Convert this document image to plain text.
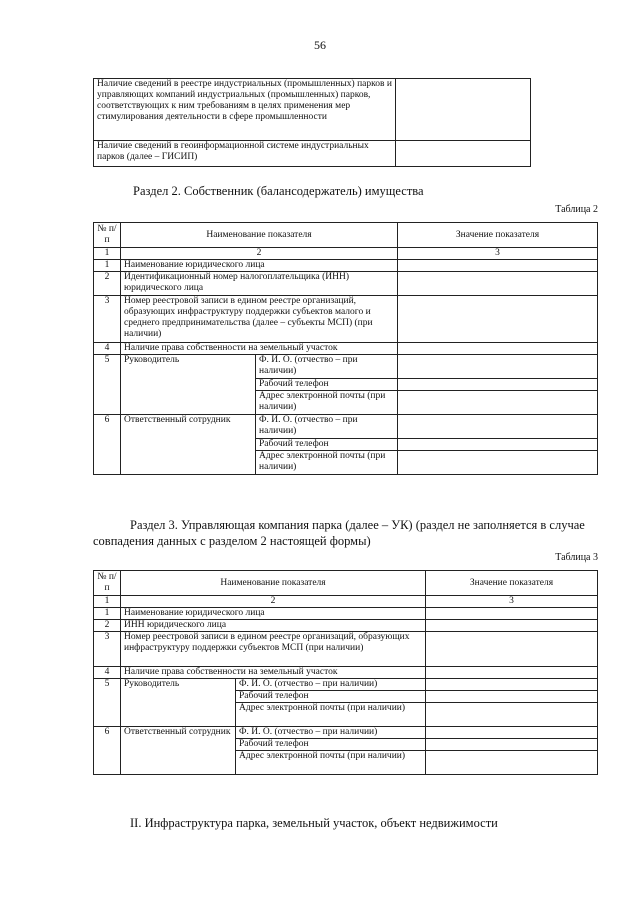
56
Наличие сведений в реестре индустриальных (промышленных) парков и управляющих компаний индустриальных (промышленных) парков, соответствующих к ним требованиям в целях применения мер стимулирования деятельности в сфере промышленности	
Наличие сведений в геоинформационной системе индустриальных парков (далее – ГИСИП)	
Раздел 2. Собственник (балансодержатель) имущества
Таблица 2
№ п/п	Наименование показателя		Значение показателя
1	2		3
1	Наименование юридического лица		
2	Идентификационный номер налогоплательщика (ИНН) юридического лица		
3	Номер реестровой записи в едином реестре организаций, образующих инфраструктуру поддержки субъектов малого и среднего предпринимательства (далее – субъекты МСП) (при наличии)		
4	Наличие права собственности на земельный участок		
5	Руководитель	Ф. И. О. (отчество – при наличии)	
		Рабочий телефон	
		Адрес электронной почты (при наличии)	
6	Ответственный сотрудник	Ф. И. О. (отчество – при наличии)	
		Рабочий телефон	
		Адрес электронной почты (при наличии)	
Раздел 3. Управляющая компания парка (далее – УК) (раздел не заполняется в случае совпадения данных с разделом 2 настоящей формы)
Таблица 3
№ п/п	Наименование показателя		Значение показателя
1	2		3
1	Наименование юридического лица		
2	ИНН юридического лица		
3	Номер реестровой записи в едином реестре организаций, образующих инфраструктуру поддержки субъектов МСП (при наличии)		
4	Наличие права собственности на земельный участок		
5	Руководитель	Ф. И. О. (отчество – при наличии)	
		Рабочий телефон	
		Адрес электронной почты (при наличии)	
6	Ответственный сотрудник	Ф. И. О. (отчество – при наличии)	
		Рабочий телефон	
		Адрес электронной почты (при наличии)	
II. Инфраструктура парка, земельный участок, объект недвижимости
